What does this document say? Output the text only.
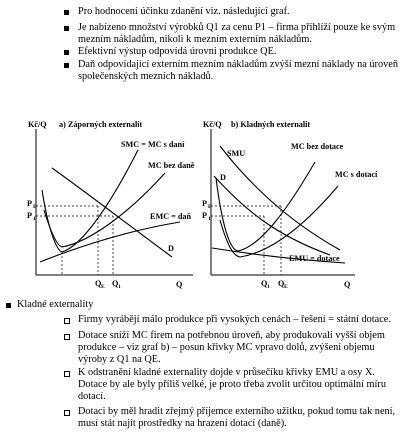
Pro hodnocení účinku zdanění viz. následující graf.
Je nabízeno množství výrobků Q1 za cenu P1 – firma přihlíží pouze ke svým
mezním nákladům, nikoli k mezním externím nákladům.
Efektivní výstup odpovídá úrovni produkce QE.
Daň odpovídající externím mezním nákladům zvýší mezní náklady na úroveň
společenských mezních nákladů.
Kč/Q a) Záporných externalit
Q
SMC = MC s daní
MC bez daně
EMC = daň
D
P E
P 1
Q E Q 1
Kč/Q b) Kladných externalit
Q
SMU
MC bez dotace
MC s dotací
D
EMU = dotace
P E
P 1
Q 1 Q E
Kladné externality
Firmy vyrábějí málo produkce při vysokých cenách – řešení = státní dotace.
Dotace sníží MC firem na potřebnou úroveň, aby produkovali vyšší objem
produkce – viz graf b) – posun křivky MC vpravo dolů, zvýšení objemu
výroby z Q1 na QE.
K odstranění kladné externality dojde v průsečíku křivky EMU a osy X.
Dotace by ale byly příliš velké, je proto třeba zvolit určitou optimální míru
dotací.
Dotaci by měl hradit zřejmý příjemce externího užitku, pokud tomu tak není,
musí stát najít prostředky na hrazení dotací (daně).
